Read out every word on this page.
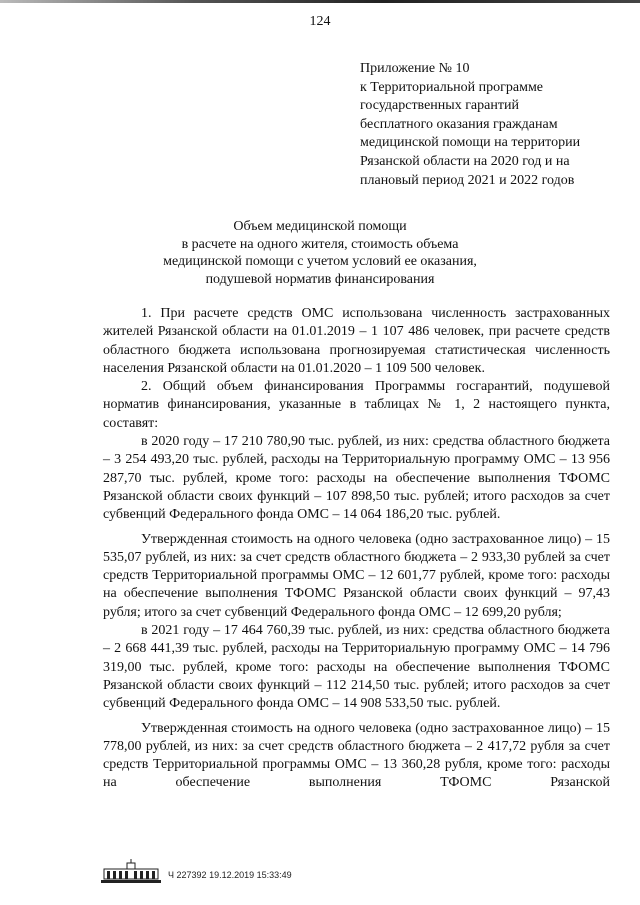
124
Приложение № 10
к Территориальной программе
государственных гарантий
бесплатного оказания гражданам
медицинской помощи на территории
Рязанской области на 2020 год и на
плановый период 2021 и 2022 годов
Объем медицинской помощи
в расчете на одного жителя, стоимость объема
медицинской помощи с учетом условий ее оказания,
подушевой норматив финансирования

1. При расчете средств ОМС использована численность застрахованных жителей Рязанской области на 01.01.2019 – 1 107 486 человек, при расчете средств областного бюджета использована прогнозируемая статистическая численность населения Рязанской области на 01.01.2020 – 1 109 500 человек.

2. Общий объем финансирования Программы госгарантий, подушевой норматив финансирования, указанные в таблицах № 1, 2 настоящего пункта, составят:

в 2020 году – 17 210 780,90 тыс. рублей, из них: средства областного бюджета – 3 254 493,20 тыс. рублей, расходы на Территориальную программу ОМС – 13 956 287,70 тыс. рублей, кроме того: расходы на обеспечение выполнения ТФОМС Рязанской области своих функций – 107 898,50 тыс. рублей; итого расходов за счет субвенций Федерального фонда ОМС – 14 064 186,20 тыс. рублей.

Утвержденная стоимость на одного человека (одно застрахованное лицо) – 15 535,07 рублей, из них: за счет средств областного бюджета – 2 933,30 рублей за счет средств Территориальной программы ОМС – 12 601,77 рублей, кроме того: расходы на обеспечение выполнения ТФОМС Рязанской области своих функций – 97,43 рубля; итого за счет субвенций Федерального фонда ОМС – 12 699,20 рубля;

в 2021 году – 17 464 760,39 тыс. рублей, из них: средства областного бюджета – 2 668 441,39 тыс. рублей, расходы на Территориальную программу ОМС – 14 796 319,00 тыс. рублей, кроме того: расходы на обеспечение выполнения ТФОМС Рязанской области своих функций – 112 214,50 тыс. рублей; итого расходов за счет субвенций Федерального фонда ОМС – 14 908 533,50 тыс. рублей.

Утвержденная стоимость на одного человека (одно застрахованное лицо) – 15 778,00 рублей, из них: за счет средств областного бюджета – 2 417,72 рубля за счет средств Территориальной программы ОМС – 13 360,28 рубля, кроме того: расходы на обеспечение выполнения ТФОМС Рязанской

Ч 227392 19.12.2019 15:33:49
